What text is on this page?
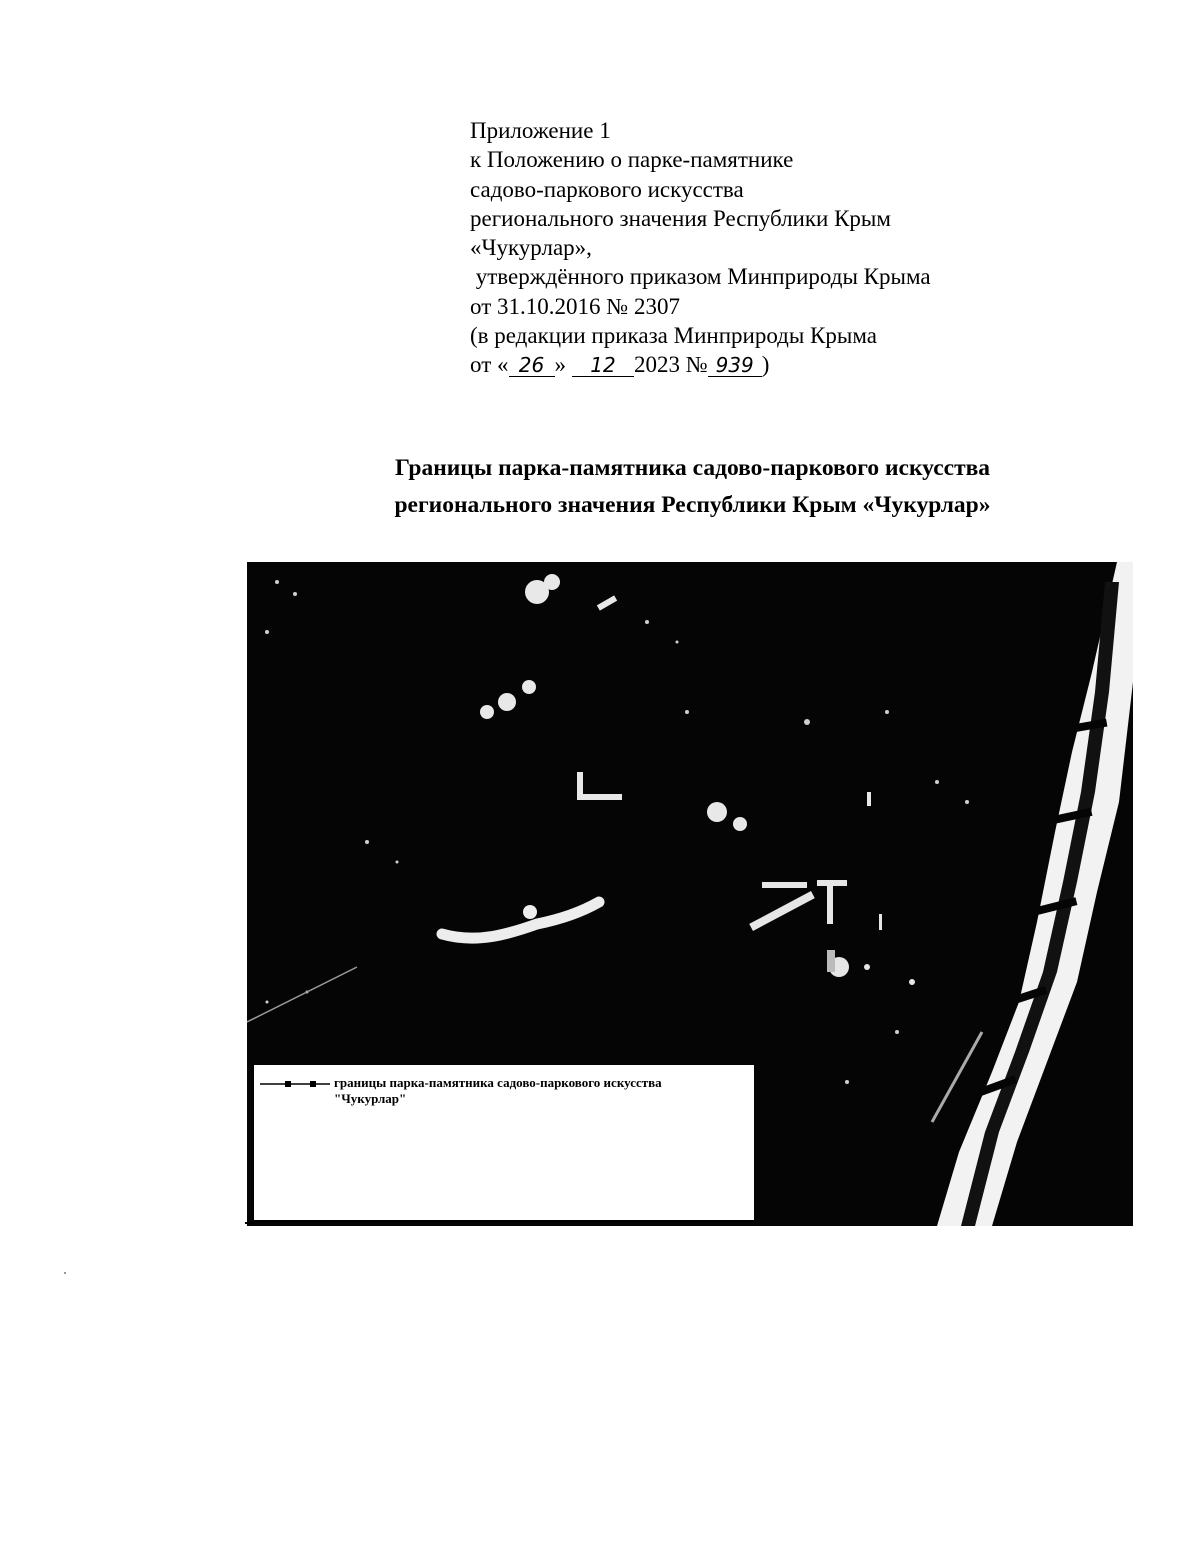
Приложение 1
к Положению о парке-памятнике
садово-паркового искусства
регионального значения Республики Крым
«Чукурлар»,
утверждённого приказом Минприроды Крыма
от 31.10.2016 № 2307
(в редакции приказа Минприроды Крыма
от « 26 » 12 2023 № 939 )
Границы парка-памятника садово-паркового искусства
регионального значения Республики Крым «Чукурлар»
границы парка-памятника садово-паркового искусства
"Чукурлар"
